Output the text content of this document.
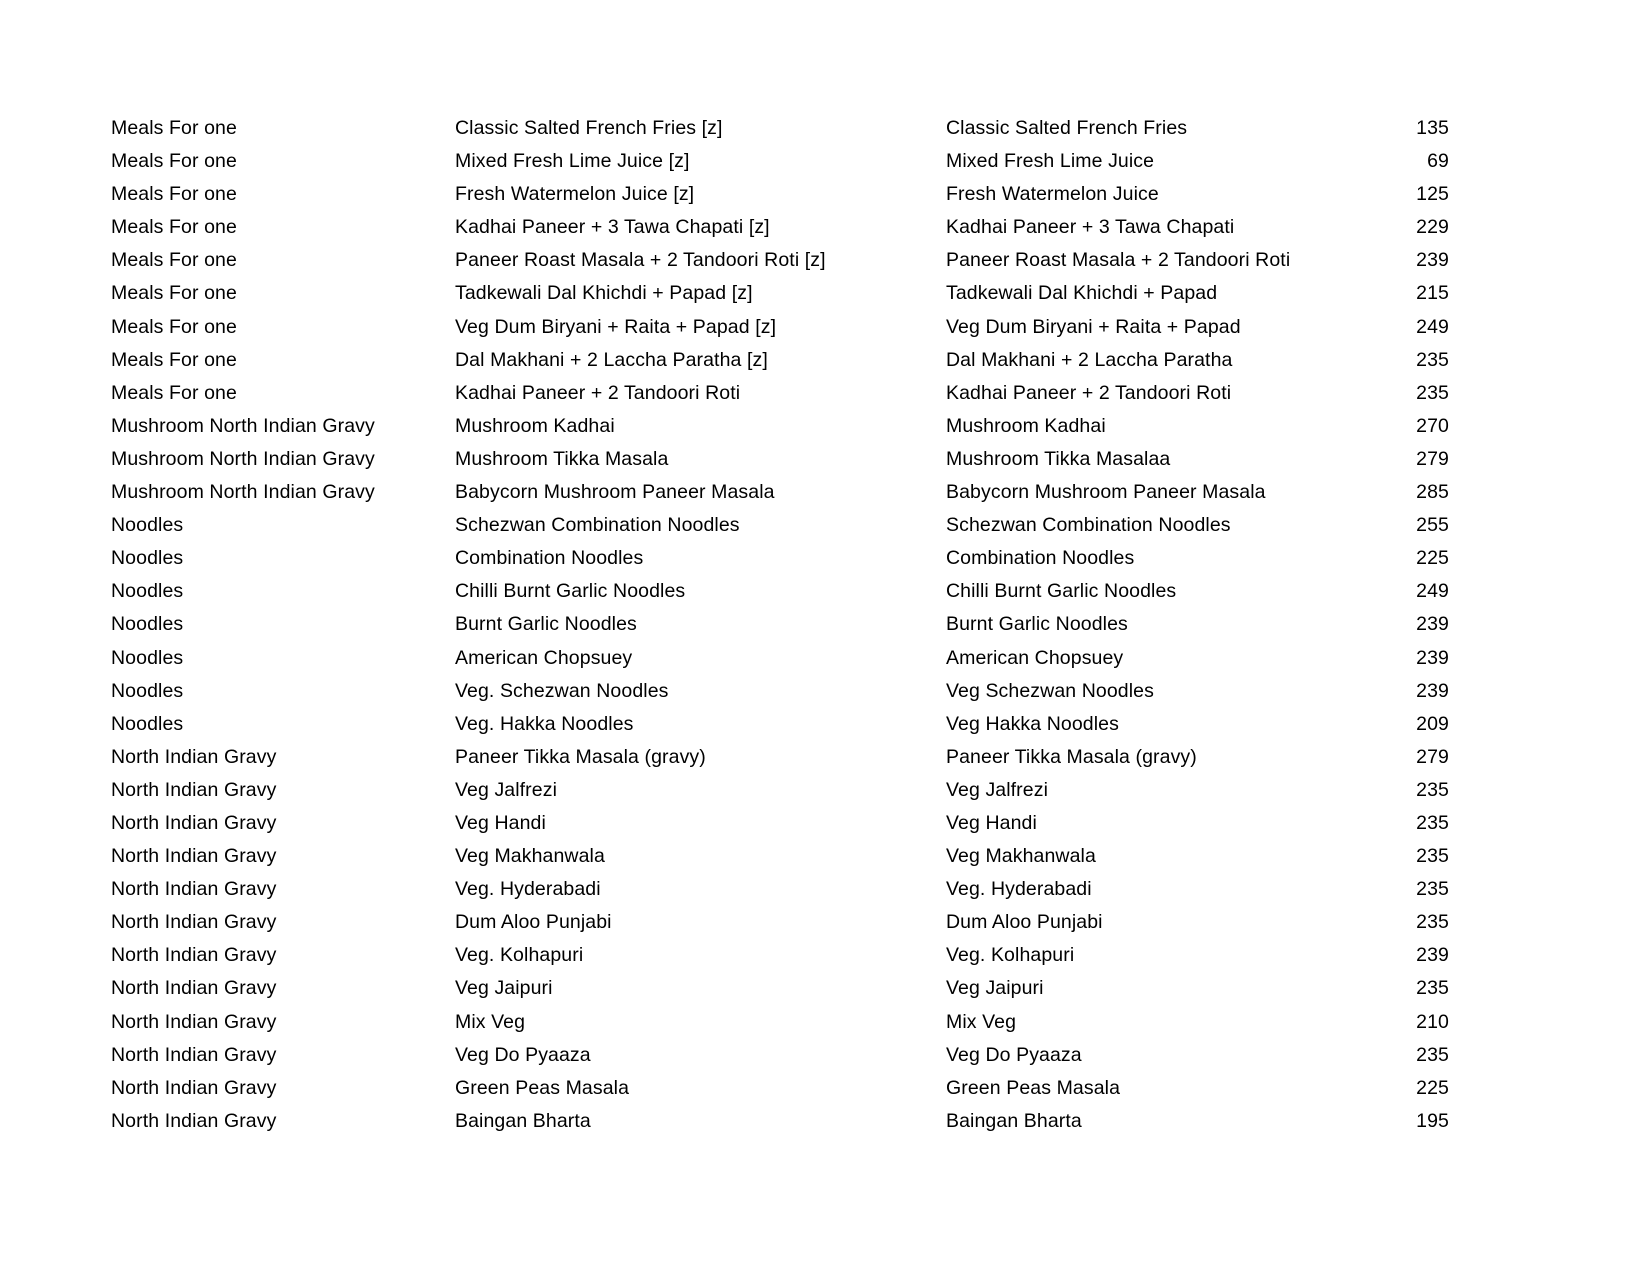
Meals For one	Classic Salted French Fries [z]	Classic Salted French Fries	135
Meals For one	Mixed Fresh Lime Juice [z]	Mixed Fresh Lime Juice	69
Meals For one	Fresh Watermelon Juice [z]	Fresh Watermelon Juice	125
Meals For one	Kadhai Paneer + 3 Tawa Chapati [z]	Kadhai Paneer + 3 Tawa Chapati	229
Meals For one	Paneer Roast Masala + 2 Tandoori Roti [z]	Paneer Roast Masala + 2 Tandoori Roti	239
Meals For one	Tadkewali Dal Khichdi + Papad [z]	Tadkewali Dal Khichdi + Papad	215
Meals For one	Veg Dum Biryani + Raita + Papad [z]	Veg Dum Biryani + Raita + Papad	249
Meals For one	Dal Makhani + 2 Laccha Paratha [z]	Dal Makhani + 2 Laccha Paratha	235
Meals For one	Kadhai Paneer + 2 Tandoori Roti	Kadhai Paneer + 2 Tandoori Roti	235
Mushroom North Indian Gravy	Mushroom Kadhai	Mushroom Kadhai	270
Mushroom North Indian Gravy	Mushroom Tikka Masala	Mushroom Tikka Masalaa	279
Mushroom North Indian Gravy	Babycorn Mushroom Paneer Masala	Babycorn Mushroom Paneer Masala	285
Noodles	Schezwan Combination Noodles	Schezwan Combination Noodles	255
Noodles	Combination Noodles	Combination Noodles	225
Noodles	Chilli Burnt Garlic Noodles	Chilli Burnt Garlic Noodles	249
Noodles	Burnt Garlic Noodles	Burnt Garlic Noodles	239
Noodles	American Chopsuey	American Chopsuey	239
Noodles	Veg. Schezwan Noodles	Veg Schezwan Noodles	239
Noodles	Veg. Hakka Noodles	Veg Hakka Noodles	209
North Indian Gravy	Paneer Tikka Masala (gravy)	Paneer Tikka Masala (gravy)	279
North Indian Gravy	Veg Jalfrezi	Veg Jalfrezi	235
North Indian Gravy	Veg Handi	Veg Handi	235
North Indian Gravy	Veg Makhanwala	Veg Makhanwala	235
North Indian Gravy	Veg. Hyderabadi	Veg. Hyderabadi	235
North Indian Gravy	Dum Aloo Punjabi	Dum Aloo Punjabi	235
North Indian Gravy	Veg. Kolhapuri	Veg. Kolhapuri	239
North Indian Gravy	Veg Jaipuri	Veg Jaipuri	235
North Indian Gravy	Mix Veg	Mix Veg	210
North Indian Gravy	Veg Do Pyaaza	Veg Do Pyaaza	235
North Indian Gravy	Green Peas Masala	Green Peas Masala	225
North Indian Gravy	Baingan Bharta	Baingan Bharta	195
